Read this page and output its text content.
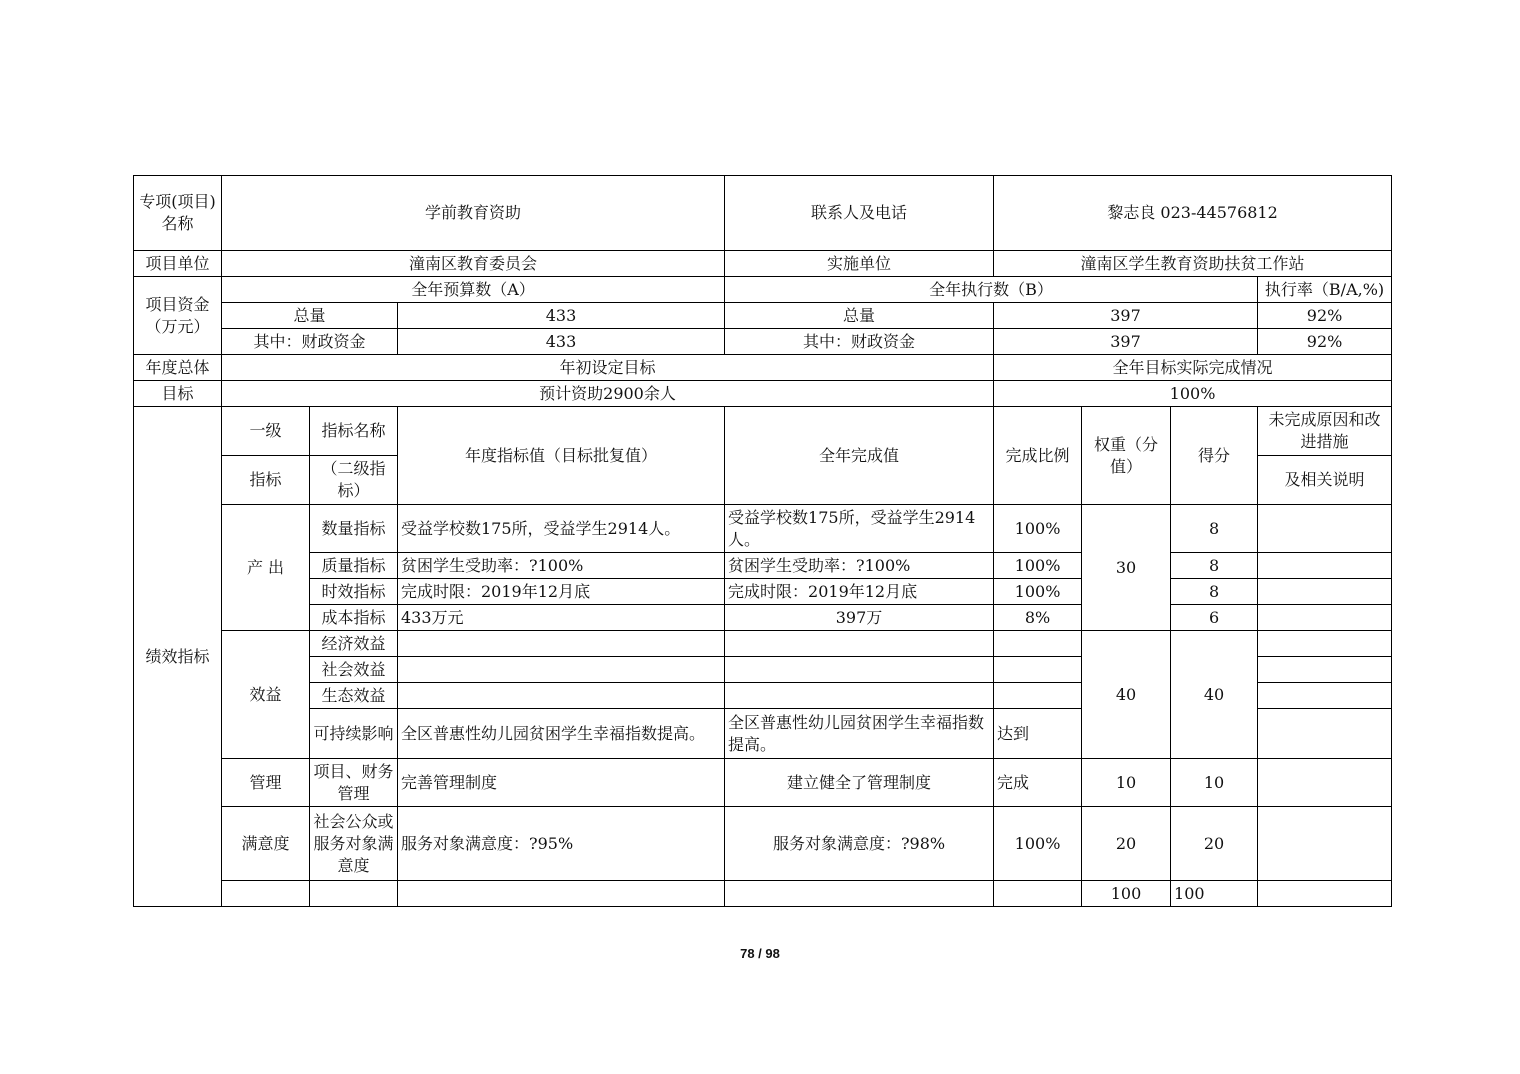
专项(项目)名称	学前教育资助			联系人及电话	黎志良 023-44576812			
项目单位	潼南区教育委员会			实施单位	潼南区学生教育资助扶贫工作站			
项目资金（万元）	全年预算数（A）			全年执行数（B）				执行率（B/A,%)
	总量		433	总量	397			92%
	其中：财政资金		433	其中：财政资金	397			92%
年度总体	年初设定目标				全年目标实际完成情况			
目标	预计资助2900余人				100%			
绩效指标	一级	指标名称	年度指标值（目标批复值）	全年完成值	完成比例	权重（分值）	得分	未完成原因和改进措施
	指标	（二级指标）						及相关说明
	产 出	数量指标	受益学校数175所，受益学生2914人。	受益学校数175所，受益学生2914人。	100%	30	8	
		质量指标	贫困学生受助率：?100%	贫困学生受助率：?100%	100%		8	
		时效指标	完成时限：2019年12月底	完成时限：2019年12月底	100%		8	
		成本指标	433万元	397万	8%		6	
	效益	经济效益				40	40	
		社会效益						
		生态效益						
		可持续影响	全区普惠性幼儿园贫困学生幸福指数提高。	全区普惠性幼儿园贫困学生幸福指数提高。	达到			
	管理	项目、财务管理	完善管理制度	建立健全了管理制度	完成	10	10	
	满意度	社会公众或服务对象满意度	服务对象满意度：?95%	服务对象满意度：?98%	100%	20	20	
						100	100	
78 / 98
